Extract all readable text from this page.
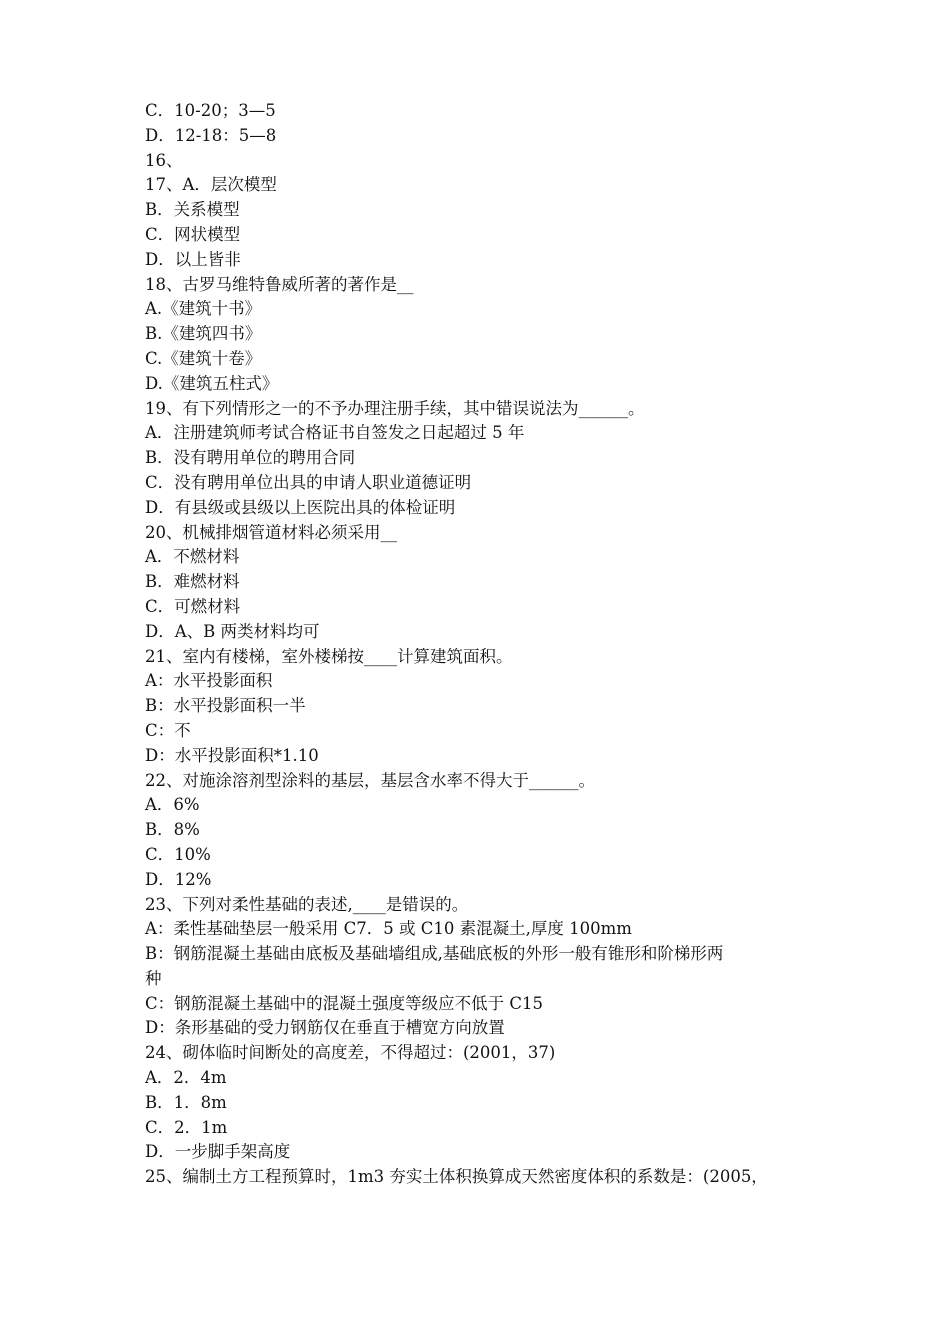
C．10-20；3—5

D．12-18：5—8

16、

17、A．层次模型

B．关系模型

C．网状模型

D．以上皆非

18、古罗马维特鲁威所著的著作是__

A.《建筑十书》

B.《建筑四书》

C.《建筑十卷》

D.《建筑五柱式》

19、有下列情形之一的不予办理注册手续，其中错误说法为______。

A．注册建筑师考试合格证书自签发之日起超过 5 年

B．没有聘用单位的聘用合同

C．没有聘用单位出具的申请人职业道德证明

D．有县级或县级以上医院出具的体检证明

20、机械排烟管道材料必须采用__

A．不燃材料

B．难燃材料

C．可燃材料

D．A、B 两类材料均可

21、室内有楼梯，室外楼梯按____计算建筑面积。

A：水平投影面积

B：水平投影面积一半

C：不

D：水平投影面积*1.10

22、对施涂溶剂型涂料的基层，基层含水率不得大于______。

A．6%

B．8%

C．10%

D．12%

23、下列对柔性基础的表述,____是错误的。

A：柔性基础垫层一般采用 C7．5 或 C10 素混凝土,厚度 100mm

B：钢筋混凝土基础由底板及基础墙组成,基础底板的外形一般有锥形和阶梯形两

种

C：钢筋混凝土基础中的混凝土强度等级应不低于 C15

D：条形基础的受力钢筋仅在垂直于槽宽方向放置

24、砌体临时间断处的高度差，不得超过：(2001，37)

A．2．4m

B．1．8m

C．2．1m

D．一步脚手架高度

25、编制土方工程预算时，1m3 夯实土体积换算成天然密度体积的系数是：(2005，
